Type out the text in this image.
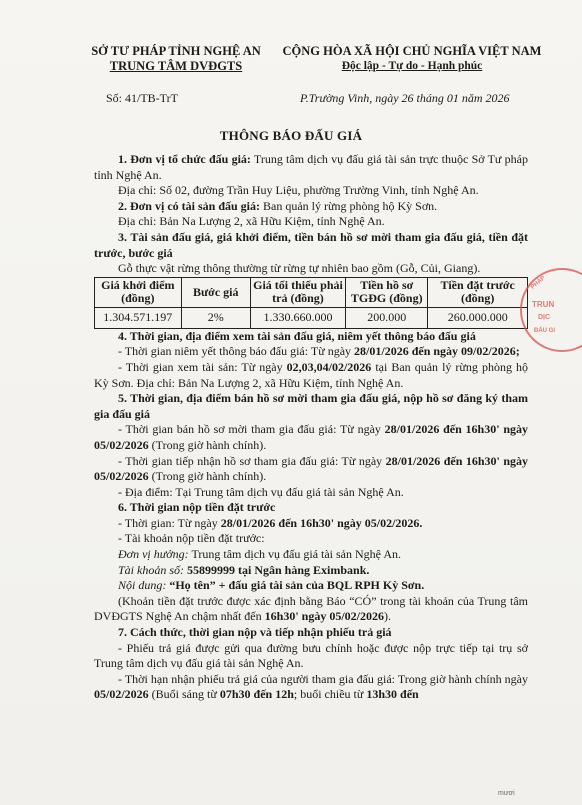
SỞ TƯ PHÁP TỈNH NGHỆ AN
TRUNG TÂM DVĐGTS
CỘNG HÒA XÃ HỘI CHỦ NGHĨA VIỆT NAM
Độc lập - Tự do - Hạnh phúc
Số: 41/TB-TrT	P.Trường Vinh, ngày 26 tháng 01 năm 2026
THÔNG BÁO ĐẤU GIÁ

1. Đơn vị tổ chức đấu giá: Trung tâm dịch vụ đấu giá tài sản trực thuộc Sở Tư pháp tỉnh Nghệ An.

Địa chỉ: Số 02, đường Trần Huy Liệu, phường Trường Vinh, tỉnh Nghệ An.

2. Đơn vị có tài sản đấu giá: Ban quản lý rừng phòng hộ Kỳ Sơn.

Địa chỉ: Bản Na Lượng 2, xã Hữu Kiệm, tỉnh Nghệ An.

3. Tài sản đấu giá, giá khởi điểm, tiền bán hồ sơ mời tham gia đấu giá, tiền đặt trước, bước giá

Gỗ thực vật rừng thông thường từ rừng tự nhiên bao gồm (Gỗ, Củi, Giang).

Giá khởi điểm (đồng)	Bước giá	Giá tối thiểu phải trả (đồng)	Tiền hồ sơ TGĐG (đồng)	Tiền đặt trước (đồng)
1.304.571.197	2%	1.330.660.000	200.000	260.000.000

4. Thời gian, địa điểm xem tài sản đấu giá, niêm yết thông báo đấu giá

- Thời gian niêm yết thông báo đấu giá: Từ ngày 28/01/2026 đến ngày 09/02/2026;

- Thời gian xem tài sản: Từ ngày 02,03,04/02/2026 tại Ban quản lý rừng phòng hộ Kỳ Sơn. Địa chỉ: Bản Na Lượng 2, xã Hữu Kiệm, tỉnh Nghệ An.

5. Thời gian, địa điểm bán hồ sơ mời tham gia đấu giá, nộp hồ sơ đăng ký tham gia đấu giá

- Thời gian bán hồ sơ mời tham gia đấu giá: Từ ngày 28/01/2026 đến 16h30' ngày 05/02/2026 (Trong giờ hành chính).

- Thời gian tiếp nhận hồ sơ tham gia đấu giá: Từ ngày 28/01/2026 đến 16h30' ngày 05/02/2026 (Trong giờ hành chính).

- Địa điểm: Tại Trung tâm dịch vụ đấu giá tài sản Nghệ An.

6. Thời gian nộp tiền đặt trước

- Thời gian: Từ ngày 28/01/2026 đến 16h30' ngày 05/02/2026.

- Tài khoản nộp tiền đặt trước:

Đơn vị hưởng: Trung tâm dịch vụ đấu giá tài sản Nghệ An.

Tài khoản số: 55899999 tại Ngân hàng Eximbank.

Nội dung: “Họ tên” + đấu giá tài sản của BQL RPH Kỳ Sơn.

(Khoản tiền đặt trước được xác định bằng Báo “CÓ” trong tài khoản của Trung tâm DVĐGTS Nghệ An chậm nhất đến 16h30' ngày 05/02/2026).

7. Cách thức, thời gian nộp và tiếp nhận phiếu trả giá

- Phiếu trả giá được gửi qua đường bưu chính hoặc được nộp trực tiếp tại trụ sở Trung tâm dịch vụ đấu giá tài sản Nghệ An.

- Thời hạn nhận phiếu trả giá của người tham gia đấu giá: Trong giờ hành chính ngày 05/02/2026 (Buổi sáng từ 07h30 đến 12h; buổi chiều từ 13h30 đến

PHÁP
TRUN
DỊC
ĐẤU GI
mươi
